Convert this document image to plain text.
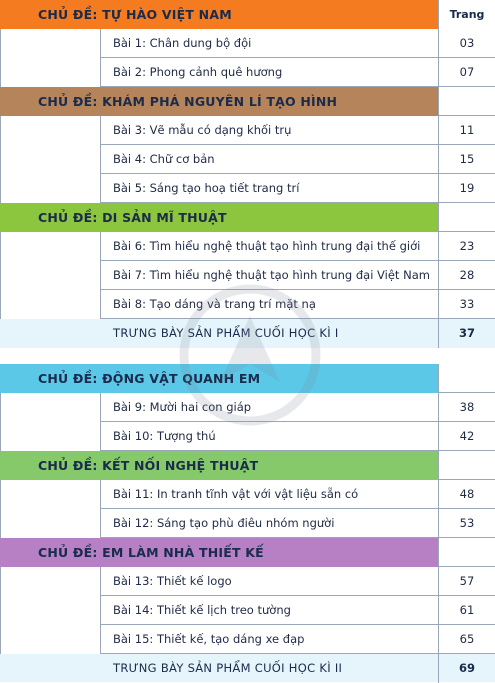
CHỦ ĐỀ: TỰ HÀO VIỆT NAM	Trang
Bài 1: Chân dung bộ đội	03
Bài 2: Phong cảnh quê hương	07
CHỦ ĐỀ: KHÁM PHÁ NGUYÊN LÍ TẠO HÌNH
Bài 3: Vẽ mẫu có dạng khối trụ	11
Bài 4: Chữ cơ bản	15
Bài 5: Sáng tạo hoạ tiết trang trí	19
CHỦ ĐỀ: DI SẢN MĨ THUẬT
Bài 6: Tìm hiểu nghệ thuật tạo hình trung đại thế giới	23
Bài 7: Tìm hiểu nghệ thuật tạo hình trung đại Việt Nam	28
Bài 8: Tạo dáng và trang trí mặt nạ	33
TRƯNG BÀY SẢN PHẨM CUỐI HỌC KÌ I	37
CHỦ ĐỀ: ĐỘNG VẬT QUANH EM
Bài 9: Mười hai con giáp	38
Bài 10: Tượng thú	42
CHỦ ĐỀ: KẾT NỐI NGHỆ THUẬT
Bài 11: In tranh tĩnh vật với vật liệu sẵn có	48
Bài 12: Sáng tạo phù điêu nhóm người	53
CHỦ ĐỀ: EM LÀM NHÀ THIẾT KẾ
Bài 13: Thiết kế logo	57
Bài 14: Thiết kế lịch treo tường	61
Bài 15: Thiết kế, tạo dáng xe đạp	65
TRƯNG BÀY SẢN PHẨM CUỐI HỌC KÌ II	69
